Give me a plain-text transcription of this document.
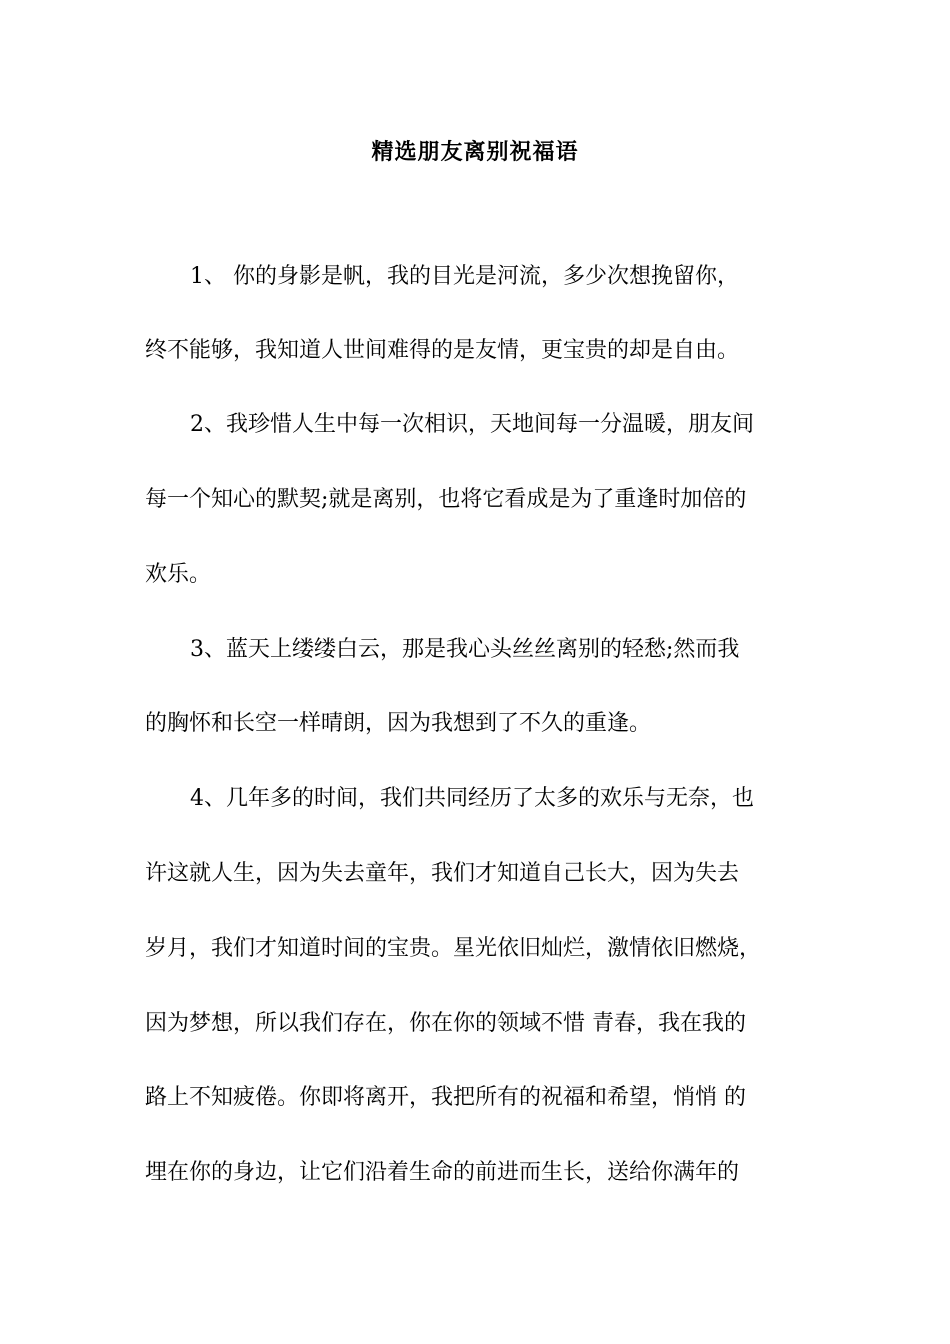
精选朋友离别祝福语
1、 你的身影是帆，我的目光是河流，多少次想挽留你，
终不能够，我知道人世间难得的是友情，更宝贵的却是自由。
2、我珍惜人生中每一次相识，天地间每一分温暖，朋友间
每一个知心的默契;就是离别，也将它看成是为了重逢时加倍的
欢乐。
3、蓝天上缕缕白云，那是我心头丝丝离别的轻愁;然而我
的胸怀和长空一样晴朗，因为我想到了不久的重逢。
4、几年多的时间，我们共同经历了太多的欢乐与无奈，也
许这就人生，因为失去童年，我们才知道自己长大，因为失去
岁月，我们才知道时间的宝贵。星光依旧灿烂，激情依旧燃烧，
因为梦想，所以我们存在，你在你的领域不惜 青春，我在我的
路上不知疲倦。你即将离开，我把所有的祝福和希望，悄悄 的
埋在你的身边，让它们沿着生命的前进而生长，送给你满年的
